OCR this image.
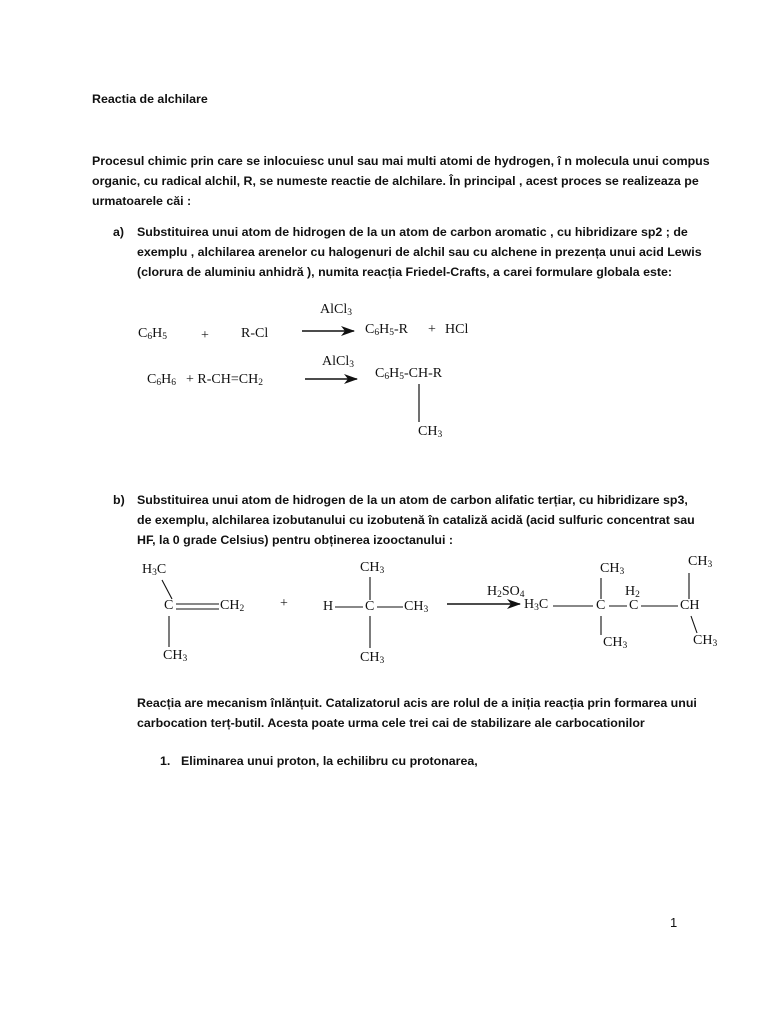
Reactia de alchilare
Procesul chimic prin care se inlocuiesc unul sau mai multi atomi de hydrogen, î n molecula unui compus
organic, cu radical alchil, R, se numeste reactie de alchilare. În principal , acest proces se realizeaza pe
urmatoarele căi :
a) Substituirea unui atom de hidrogen de la un atom de carbon aromatic , cu hibridizare sp2 ; de
exemplu , alchilarea arenelor cu halogenuri de alchil sau cu alchene in prezența unui acid Lewis
(clorura de aluminiu anhidră ), numita reacția Friedel-Crafts, a carei formulare globala este:
AlCl$_3$
$C_6H_5 + R-Cl$	$C_6H_5-R$ + HCl
AlCl$_3$
$C_6H_6 + R-CH=CH_2$
$C_6H_5-CH-R$
$CH_3$
b) Substituirea unui atom de hidrogen de la un atom de carbon alifatic terțiar, cu hibridizare sp3,
de exemplu, alchilarea izobutanului cu izobutenă în cataliză acidă (acid sulfuric concentrat sau
HF, la 0 grade Celsius) pentru obținerea izooctanului :
$H_3C$
C	$CH_2$
$CH_3$
+
$CH_3$
H C $CH_3$
$CH_3$
$H_2SO_4$
$H_3C$
$CH_3$
C
$CH_3$
$H_2$
C	CH
$CH_3$
$CH_3$
Reacția are mecanism înlănțuit. Catalizatorul acis are rolul de a iniția reacția prin formarea unui
carbocation terț-butil. Acesta poate urma cele trei cai de stabilizare ale carbocationilor
1. Eliminarea unui proton, la echilibru cu protonarea,
1
